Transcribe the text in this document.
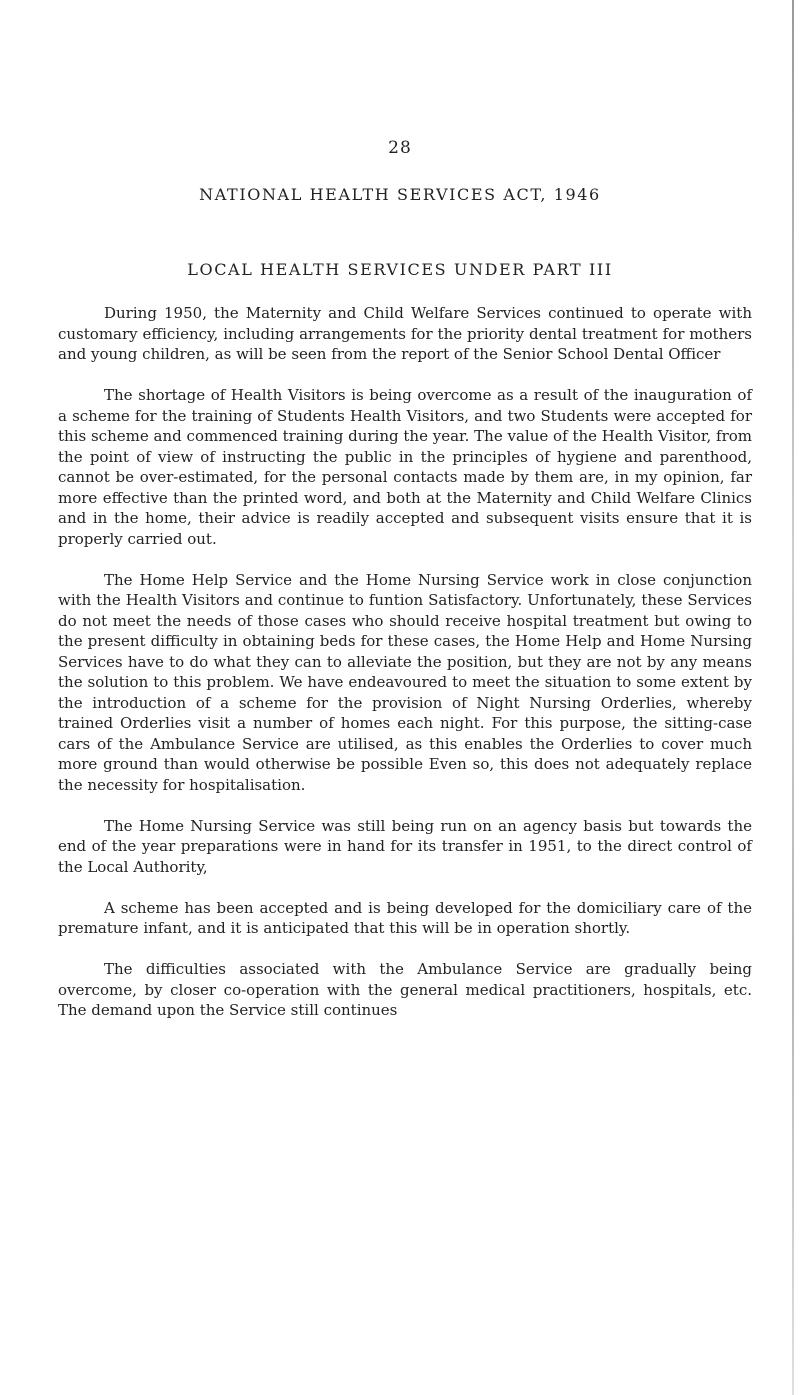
28
NATIONAL HEALTH SERVICES ACT, 1946
LOCAL HEALTH SERVICES UNDER PART III

During 1950, the Maternity and Child Welfare Services continued to operate with customary efficiency, including arrangements for the priority dental treatment for mothers and young children, as will be seen from the report of the Senior School Dental Officer

The shortage of Health Visitors is being overcome as a result of the inauguration of a scheme for the training of Students Health Visitors, and two Students were accepted for this scheme and commenced training during the year. The value of the Health Visitor, from the point of view of instructing the public in the principles of hygiene and parenthood, cannot be over-estimated, for the personal contacts made by them are, in my opinion, far more effective than the printed word, and both at the Maternity and Child Welfare Clinics and in the home, their advice is readily accepted and subsequent visits ensure that it is properly carried out.

The Home Help Service and the Home Nursing Service work in close conjunction with the Health Visitors and continue to funtion Satisfactory. Unfortunately, these Services do not meet the needs of those cases who should receive hospital treatment but owing to the present difficulty in obtaining beds for these cases, the Home Help and Home Nursing Services have to do what they can to alleviate the position, but they are not by any means the solution to this problem. We have endeavoured to meet the situation to some extent by the introduction of a scheme for the provision of Night Nursing Orderlies, whereby trained Orderlies visit a number of homes each night. For this purpose, the sitting-case cars of the Ambulance Service are utilised, as this enables the Orderlies to cover much more ground than would otherwise be possible Even so, this does not adequately replace the necessity for hospitalisation.

The Home Nursing Service was still being run on an agency basis but towards the end of the year preparations were in hand for its transfer in 1951, to the direct control of the Local Authority,

A scheme has been accepted and is being developed for the domiciliary care of the premature infant, and it is anticipated that this will be in operation shortly.

The difficulties associated with the Ambulance Service are gradually being overcome, by closer co-operation with the general medical practitioners, hospitals, etc. The demand upon the Service still continues
